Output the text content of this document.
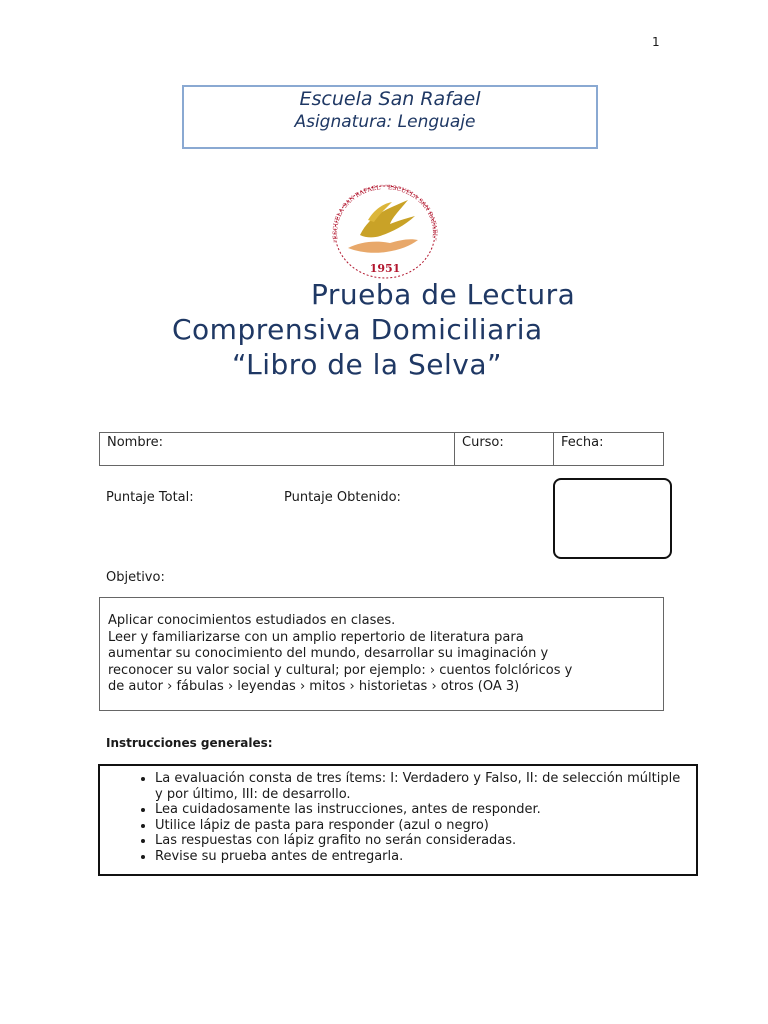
1
Escuela San Rafael
Asignatura: Lenguaje
"ESCUELA SAN RAFAEL" "ESCUELA SAN RAFAEL"
1951
Prueba de Lectura
Comprensiva Domiciliaria
“Libro de la Selva”
Nombre:	Curso:	Fecha:
Puntaje Total:	Puntaje Obtenido:
Objetivo:

Aplicar conocimientos estudiados en clases.

Leer y familiarizarse con un amplio repertorio de literatura para

aumentar su conocimiento del mundo, desarrollar su imaginación y

reconocer su valor social y cultural; por ejemplo: › cuentos folclóricos y

de autor › fábulas › leyendas › mitos › historietas › otros (OA 3)

Instrucciones generales:
• La evaluación consta de tres ítems: I: Verdadero y Falso, II: de selección múltiple y por último, III: de desarrollo.
• Lea cuidadosamente las instrucciones, antes de responder.
• Utilice lápiz de pasta para responder (azul o negro)
• Las respuestas con lápiz grafito no serán consideradas.
• Revise su prueba antes de entregarla.
